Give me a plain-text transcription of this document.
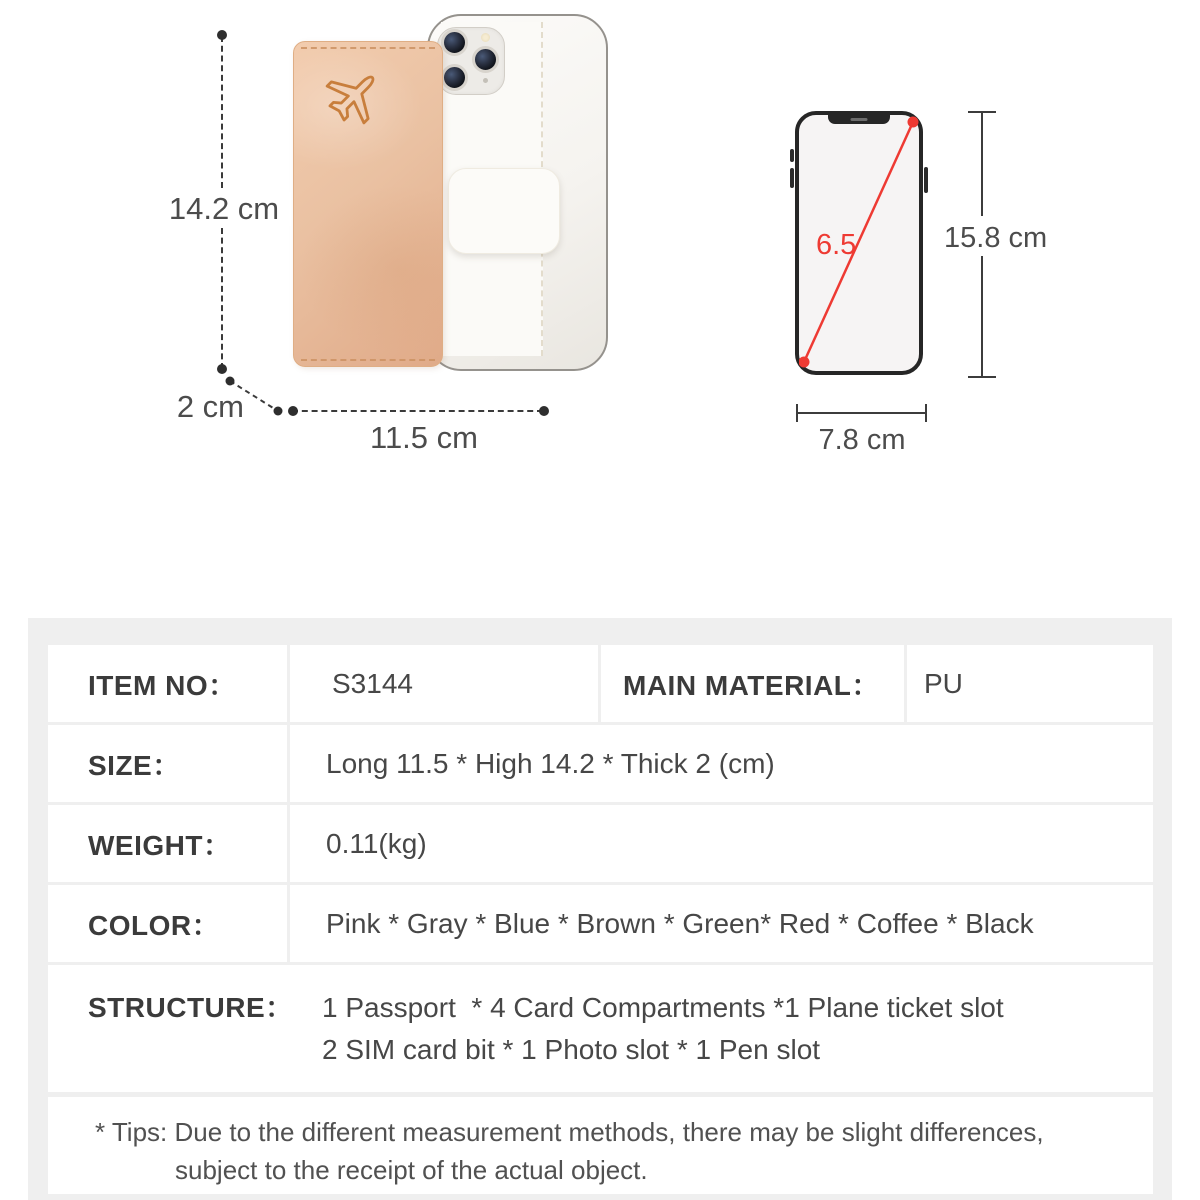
14.2 cm
2 cm
11.5 cm
6.5	15.8 cm
7.8 cm
ITEM NO：	S3144	MAIN MATERIAL： PU
SIZE：	Long 11.5 * High 14.2 * Thick 2 (cm)
WEIGHT：	0.11(kg)
COLOR：	Pink * Gray * Blue * Brown * Green* Red * Coffee * Black
STRUCTURE：	1 Passport  * 4 Card Compartments *1 Plane ticket slot
2 SIM card bit * 1 Photo slot * 1 Pen slot
* Tips: Due to the different measurement methods, there may be slight differences,
subject to the receipt of the actual object.
